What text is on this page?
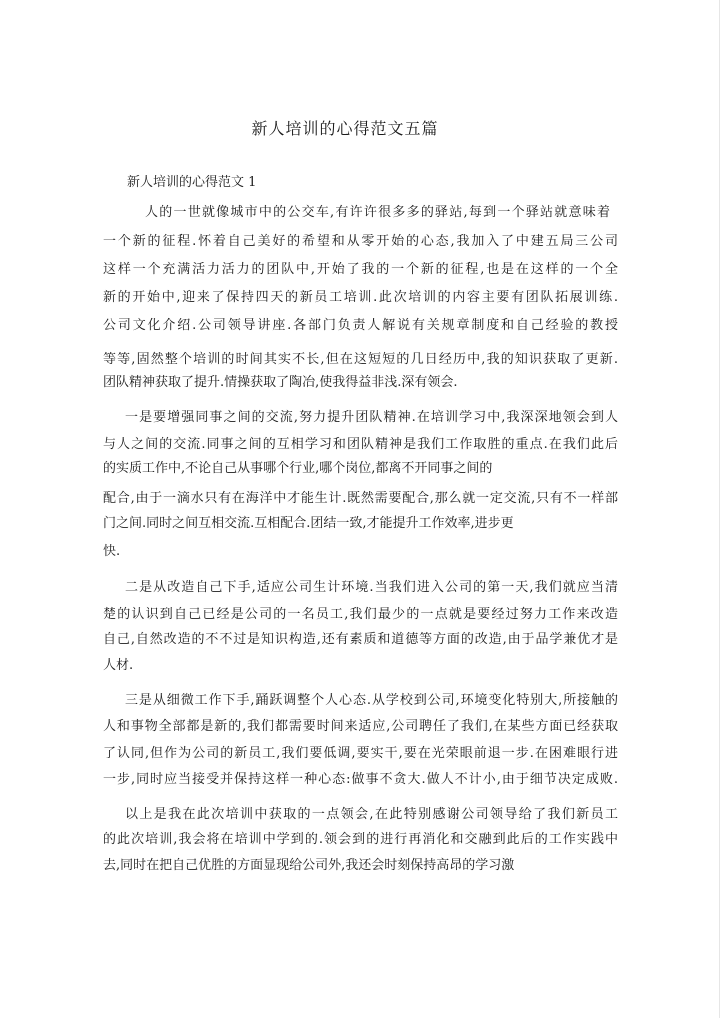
新人培训的心得范文五篇
新人培训的心得范文 1
人的一世就像城市中的公交车,有许许很多多的驿站,每到一个驿站就意味着
一个新的征程.怀着自己美好的希望和从零开始的心态,我加入了中建五局三公司
这样一个充满活力活力的团队中,开始了我的一个新的征程,也是在这样的一个全
新的开始中,迎来了保持四天的新员工培训.此次培训的内容主要有团队拓展训练.
公司文化介绍.公司领导讲座.各部门负责人解说有关规章制度和自己经验的教授
等等,固然整个培训的时间其实不长,但在这短短的几日经历中,我的知识获取了更新.
团队精神获取了提升.情操获取了陶冶,使我得益非浅.深有领会.
一是要增强同事之间的交流,努力提升团队精神.在培训学习中,我深深地领会到人
与人之间的交流.同事之间的互相学习和团队精神是我们工作取胜的重点.在我们此后
的实质工作中,不论自己从事哪个行业,哪个岗位,都离不开同事之间的
配合,由于一滴水只有在海洋中才能生计.既然需要配合,那么就一定交流,只有不一样部
门之间.同时之间互相交流.互相配合.团结一致,才能提升工作效率,进步更
快.
二是从改造自己下手,适应公司生计环境.当我们进入公司的第一天,我们就应当清
楚的认识到自己已经是公司的一名员工,我们最少的一点就是要经过努力工作来改造
自己,自然改造的不不过是知识构造,还有素质和道德等方面的改造,由于品学兼优才是
人材.
三是从细微工作下手,踊跃调整个人心态.从学校到公司,环境变化特别大,所接触的
人和事物全部都是新的,我们都需要时间来适应,公司聘任了我们,在某些方面已经获取
了认同,但作为公司的新员工,我们要低调,要实干,要在光荣眼前退一步.在困难眼行进
一步,同时应当接受并保持这样一种心态:做事不贪大.做人不计小,由于细节决定成败.
以上是我在此次培训中获取的一点领会,在此特别感谢公司领导给了我们新员工
的此次培训,我会将在培训中学到的.领会到的进行再消化和交融到此后的工作实践中
去,同时在把自己优胜的方面显现给公司外,我还会时刻保持高昂的学习激
